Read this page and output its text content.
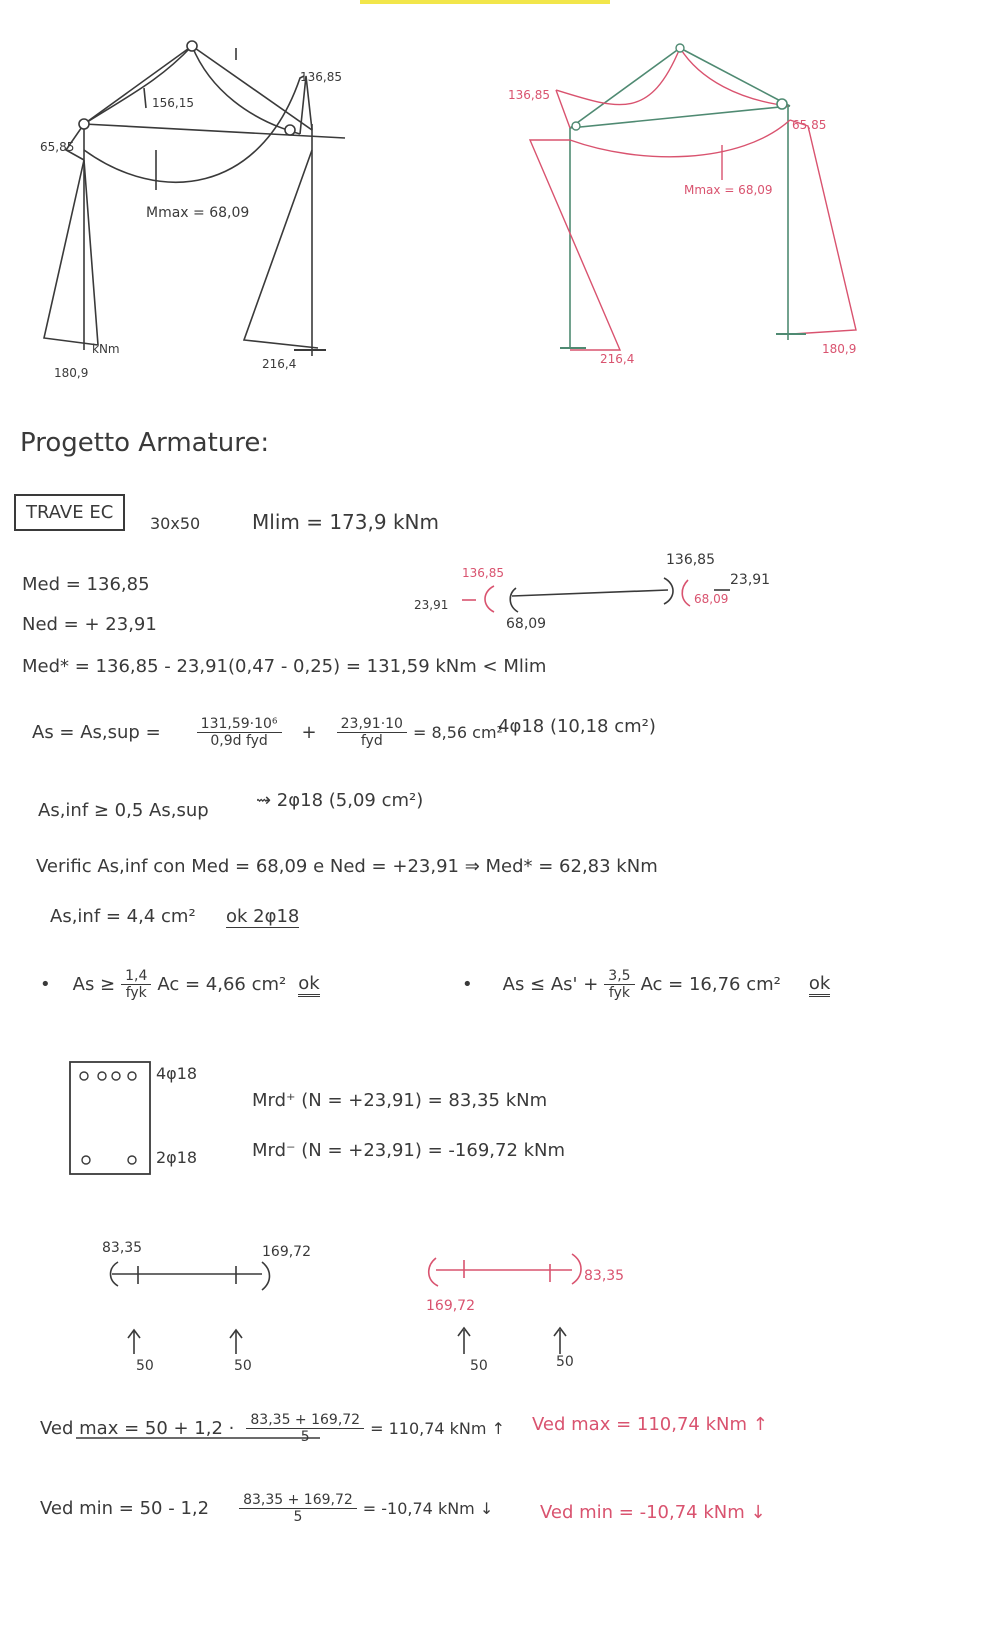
136,85
65,85
156,15
Mmax = 68,09
180,9
kNm
216,4
136,85
65,85
Mmax = 68,09
216,4
180,9
Progetto Armature:
TRAVE EC
30x50	Mlim = 173,9 kNm
Med = 136,85
Ned = + 23,91
136,85
23,91
68,09
136,85
23,91
68,09
Med* = 136,85 - 23,91(0,47 - 0,25) = 131,59 kNm < Mlim
As = As,sup =	$\frac{\text{131,59·10⁶}}{\text{0,9d fyd}} + \frac{23,91\cdot 10}{\text{fyd}} = 8,56$ cm²
4φ18 (10,18 cm²)
As,inf ≥ 0,5 As,sup	⇝ 2φ18 (5,09 cm²)
Verific As,inf con Med = 68,09 e Ned = +23,91 ⇒ Med* = 62,83 kNm
As,inf = 4,4 cm² ok 2φ18
• $As \ge \frac{1,4}{\text{fyk}}$ Ac = 4,66 cm² ok	• $As \le As' + \frac{3,5}{\text{fyk}}$ Ac = 16,76 cm² ok
4φ18
2φ18
Mrd⁺ (N = +23,91) = 83,35 kNm
Mrd⁻ (N = +23,91) = -169,72 kNm
83,35	169,72
50	50
169,72
83,35
50	50
Ved $\max = 50 + 1,2 \cdot \frac{83,35 + 169,72}{5} = 110,74$ kNm ↑ Ved max = 110,74 kNm ↑
Ved $\min = 50 - 1,2 \frac{83,35 + 169,72}{5} = -10,74$ kNm ↓	Ved min = -10,74 kNm ↓
